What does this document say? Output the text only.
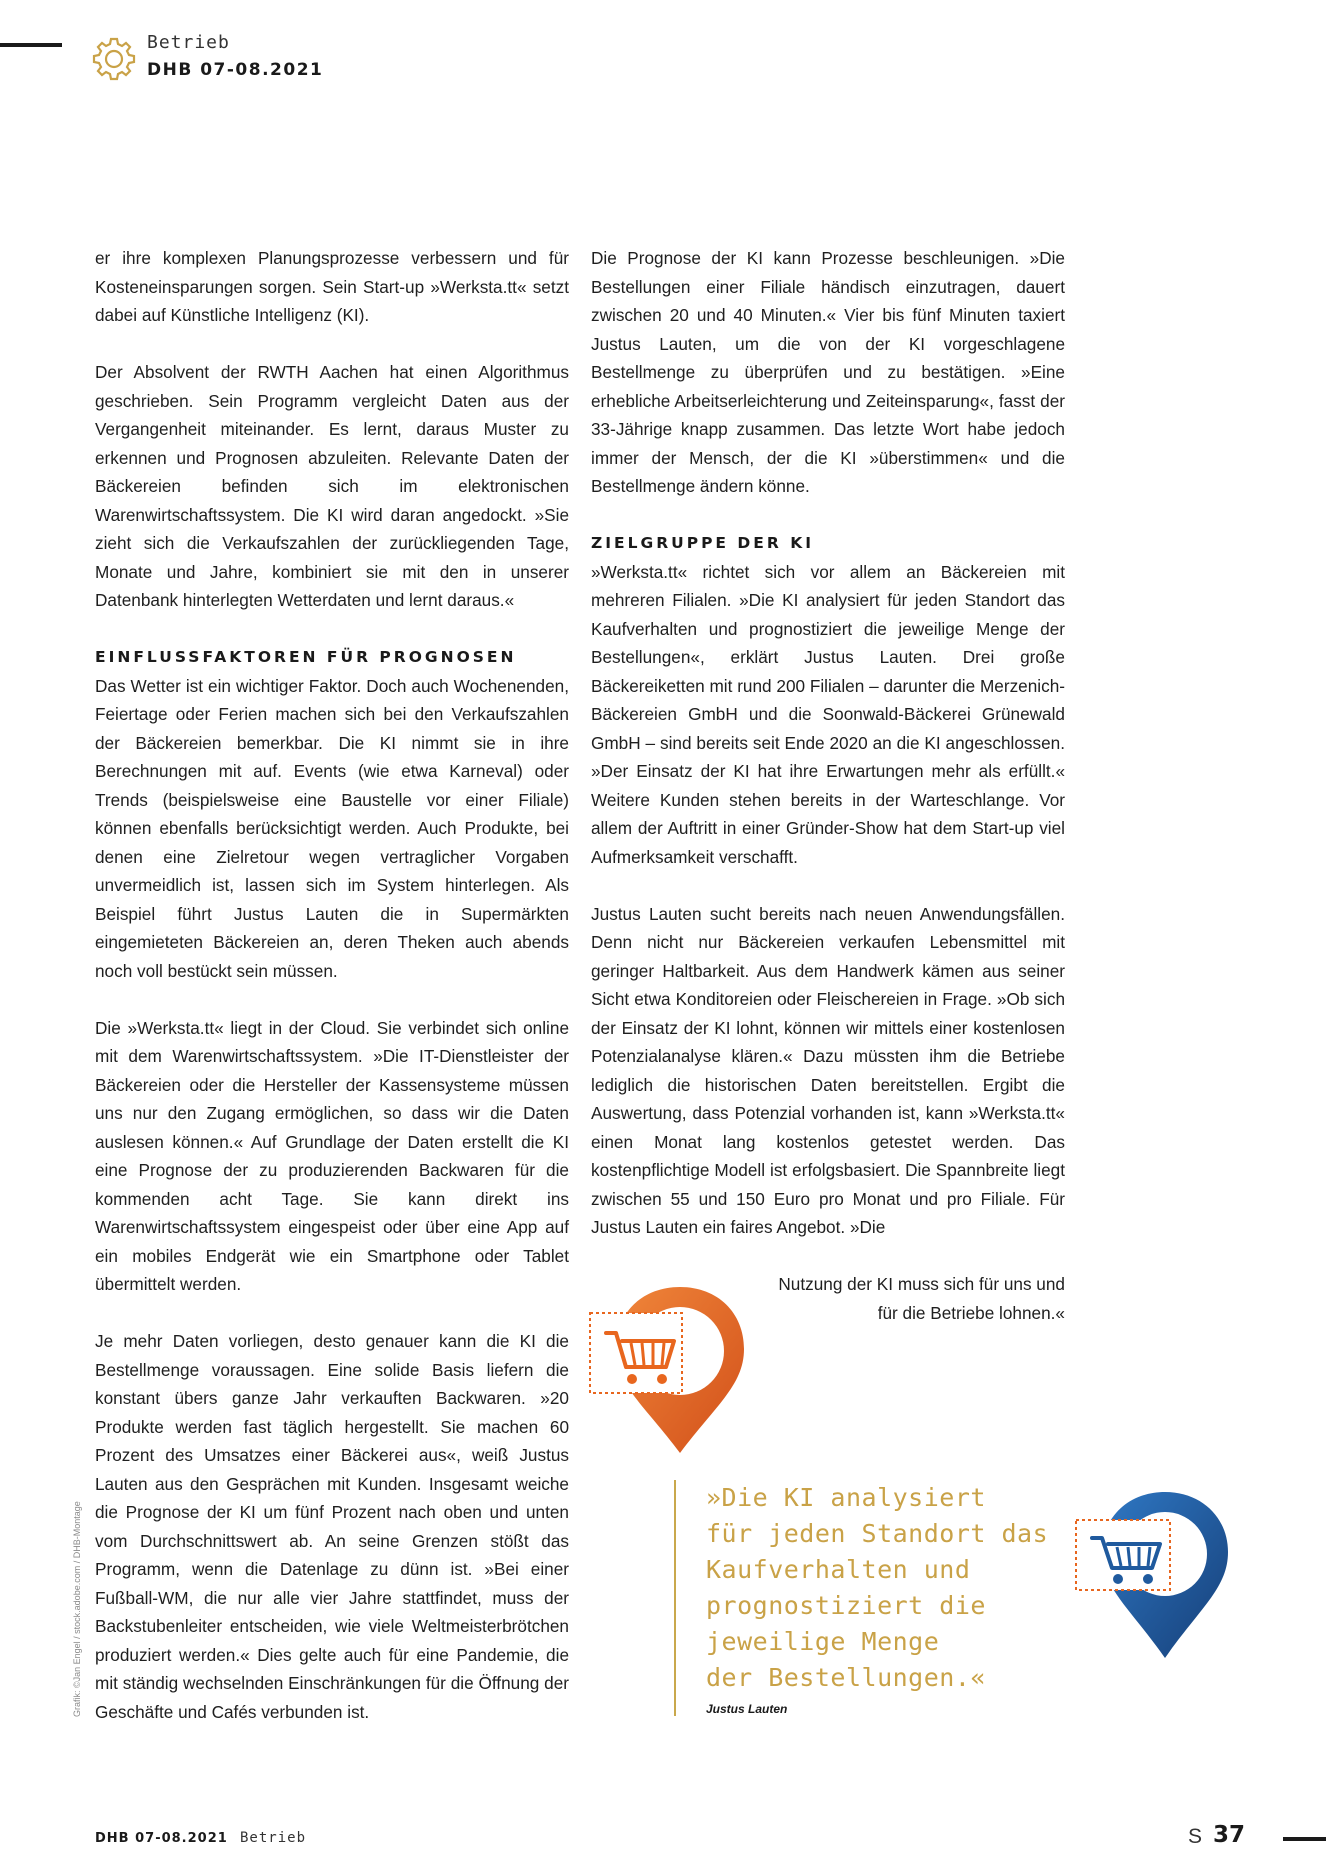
Betrieb
DHB 07-08.2021

er ihre komplexen Planungsprozesse verbessern und für Kosteneinsparungen sorgen. Sein Start-up »Werksta.tt« setzt dabei auf Künstliche Intelligenz (KI).

Der Absolvent der RWTH Aachen hat einen Algorithmus geschrieben. Sein Programm vergleicht Daten aus der Vergangenheit miteinander. Es lernt, daraus Muster zu erkennen und Prognosen abzuleiten. Relevante Daten der Bäckereien befinden sich im elektronischen Warenwirtschaftssystem. Die KI wird daran angedockt. »Sie zieht sich die Verkaufszahlen der zurückliegenden Tage, Monate und Jahre, kombiniert sie mit den in unserer Datenbank hinterlegten Wetterdaten und lernt daraus.«

EINFLUSSFAKTOREN FÜR PROGNOSEN

Das Wetter ist ein wichtiger Faktor. Doch auch Wochenenden, Feiertage oder Ferien machen sich bei den Verkaufszahlen der Bäckereien bemerkbar. Die KI nimmt sie in ihre Berechnungen mit auf. Events (wie etwa Karneval) oder Trends (beispielsweise eine Baustelle vor einer Filiale) können ebenfalls berücksichtigt werden. Auch Produkte, bei denen eine Zielretour wegen vertraglicher Vorgaben unvermeidlich ist, lassen sich im System hinterlegen. Als Beispiel führt Justus Lauten die in Supermärkten eingemieteten Bäckereien an, deren Theken auch abends noch voll bestückt sein müssen.

Die »Werksta.tt« liegt in der Cloud. Sie verbindet sich online mit dem Warenwirtschaftssystem. »Die IT-Dienstleister der Bäckereien oder die Hersteller der Kassensysteme müssen uns nur den Zugang ermöglichen, so dass wir die Daten auslesen können.« Auf Grundlage der Daten erstellt die KI eine Prognose der zu produzierenden Backwaren für die kommenden acht Tage. Sie kann direkt ins Warenwirtschaftssystem eingespeist oder über eine App auf ein mobiles Endgerät wie ein Smartphone oder Tablet übermittelt werden.

Je mehr Daten vorliegen, desto genauer kann die KI die Bestellmenge voraussagen. Eine solide Basis liefern die konstant übers ganze Jahr verkauften Backwaren. »20 Produkte werden fast täglich hergestellt. Sie machen 60 Prozent des Umsatzes einer Bäckerei aus«, weiß Justus Lauten aus den Gesprächen mit Kunden. Insgesamt weiche die Prognose der KI um fünf Prozent nach oben und unten vom Durchschnittswert ab. An seine Grenzen stößt das Programm, wenn die Datenlage zu dünn ist. »Bei einer Fußball-WM, die nur alle vier Jahre stattfindet, muss der Backstubenleiter entscheiden, wie viele Weltmeisterbrötchen produziert werden.« Dies gelte auch für eine Pandemie, die mit ständig wechselnden Einschränkungen für die Öffnung der Geschäfte und Cafés verbunden ist.

Die Prognose der KI kann Prozesse beschleunigen. »Die Bestellungen einer Filiale händisch einzutragen, dauert zwischen 20 und 40 Minuten.« Vier bis fünf Minuten taxiert Justus Lauten, um die von der KI vorgeschlagene Bestellmenge zu überprüfen und zu bestätigen. »Eine erhebliche Arbeitserleichterung und Zeiteinsparung«, fasst der 33-Jährige knapp zusammen. Das letzte Wort habe jedoch immer der Mensch, der die KI »überstimmen« und die Bestellmenge ändern könne.

ZIELGRUPPE DER KI

»Werksta.tt« richtet sich vor allem an Bäckereien mit mehreren Filialen. »Die KI analysiert für jeden Standort das Kaufverhalten und prognostiziert die jeweilige Menge der Bestellungen«, erklärt Justus Lauten. Drei große Bäckereiketten mit rund 200 Filialen – darunter die Merzenich-Bäckereien GmbH und die Soonwald-Bäckerei Grünewald GmbH – sind bereits seit Ende 2020 an die KI angeschlossen. »Der Einsatz der KI hat ihre Erwartungen mehr als erfüllt.« Weitere Kunden stehen bereits in der Warteschlange. Vor allem der Auftritt in einer Gründer-Show hat dem Start-up viel Aufmerksamkeit verschafft.

Justus Lauten sucht bereits nach neuen Anwendungsfällen. Denn nicht nur Bäckereien verkaufen Lebensmittel mit geringer Haltbarkeit. Aus dem Handwerk kämen aus seiner Sicht etwa Konditoreien oder Fleischereien in Frage. »Ob sich der Einsatz der KI lohnt, können wir mittels einer kostenlosen Potenzialanalyse klären.« Dazu müssten ihm die Betriebe lediglich die historischen Daten bereitstellen. Ergibt die Auswertung, dass Potenzial vorhanden ist, kann »Werksta.tt« einen Monat lang kostenlos getestet werden. Das kostenpflichtige Modell ist erfolgsbasiert. Die Spannbreite liegt zwischen 55 und 150 Euro pro Monat und pro Filiale. Für Justus Lauten ein faires Angebot. »Die

Nutzung der KI muss sich für uns und
für die Betriebe lohnen.«

Grafik: ©Jan Engel / stock.adobe.com / DHB-Montage
»Die KI analysiert
für jeden Standort das
Kaufverhalten und
prognostiziert die
jeweilige Menge
der Bestellungen.«
Justus Lauten
DHB 07-08.2021 Betrieb	S 37
